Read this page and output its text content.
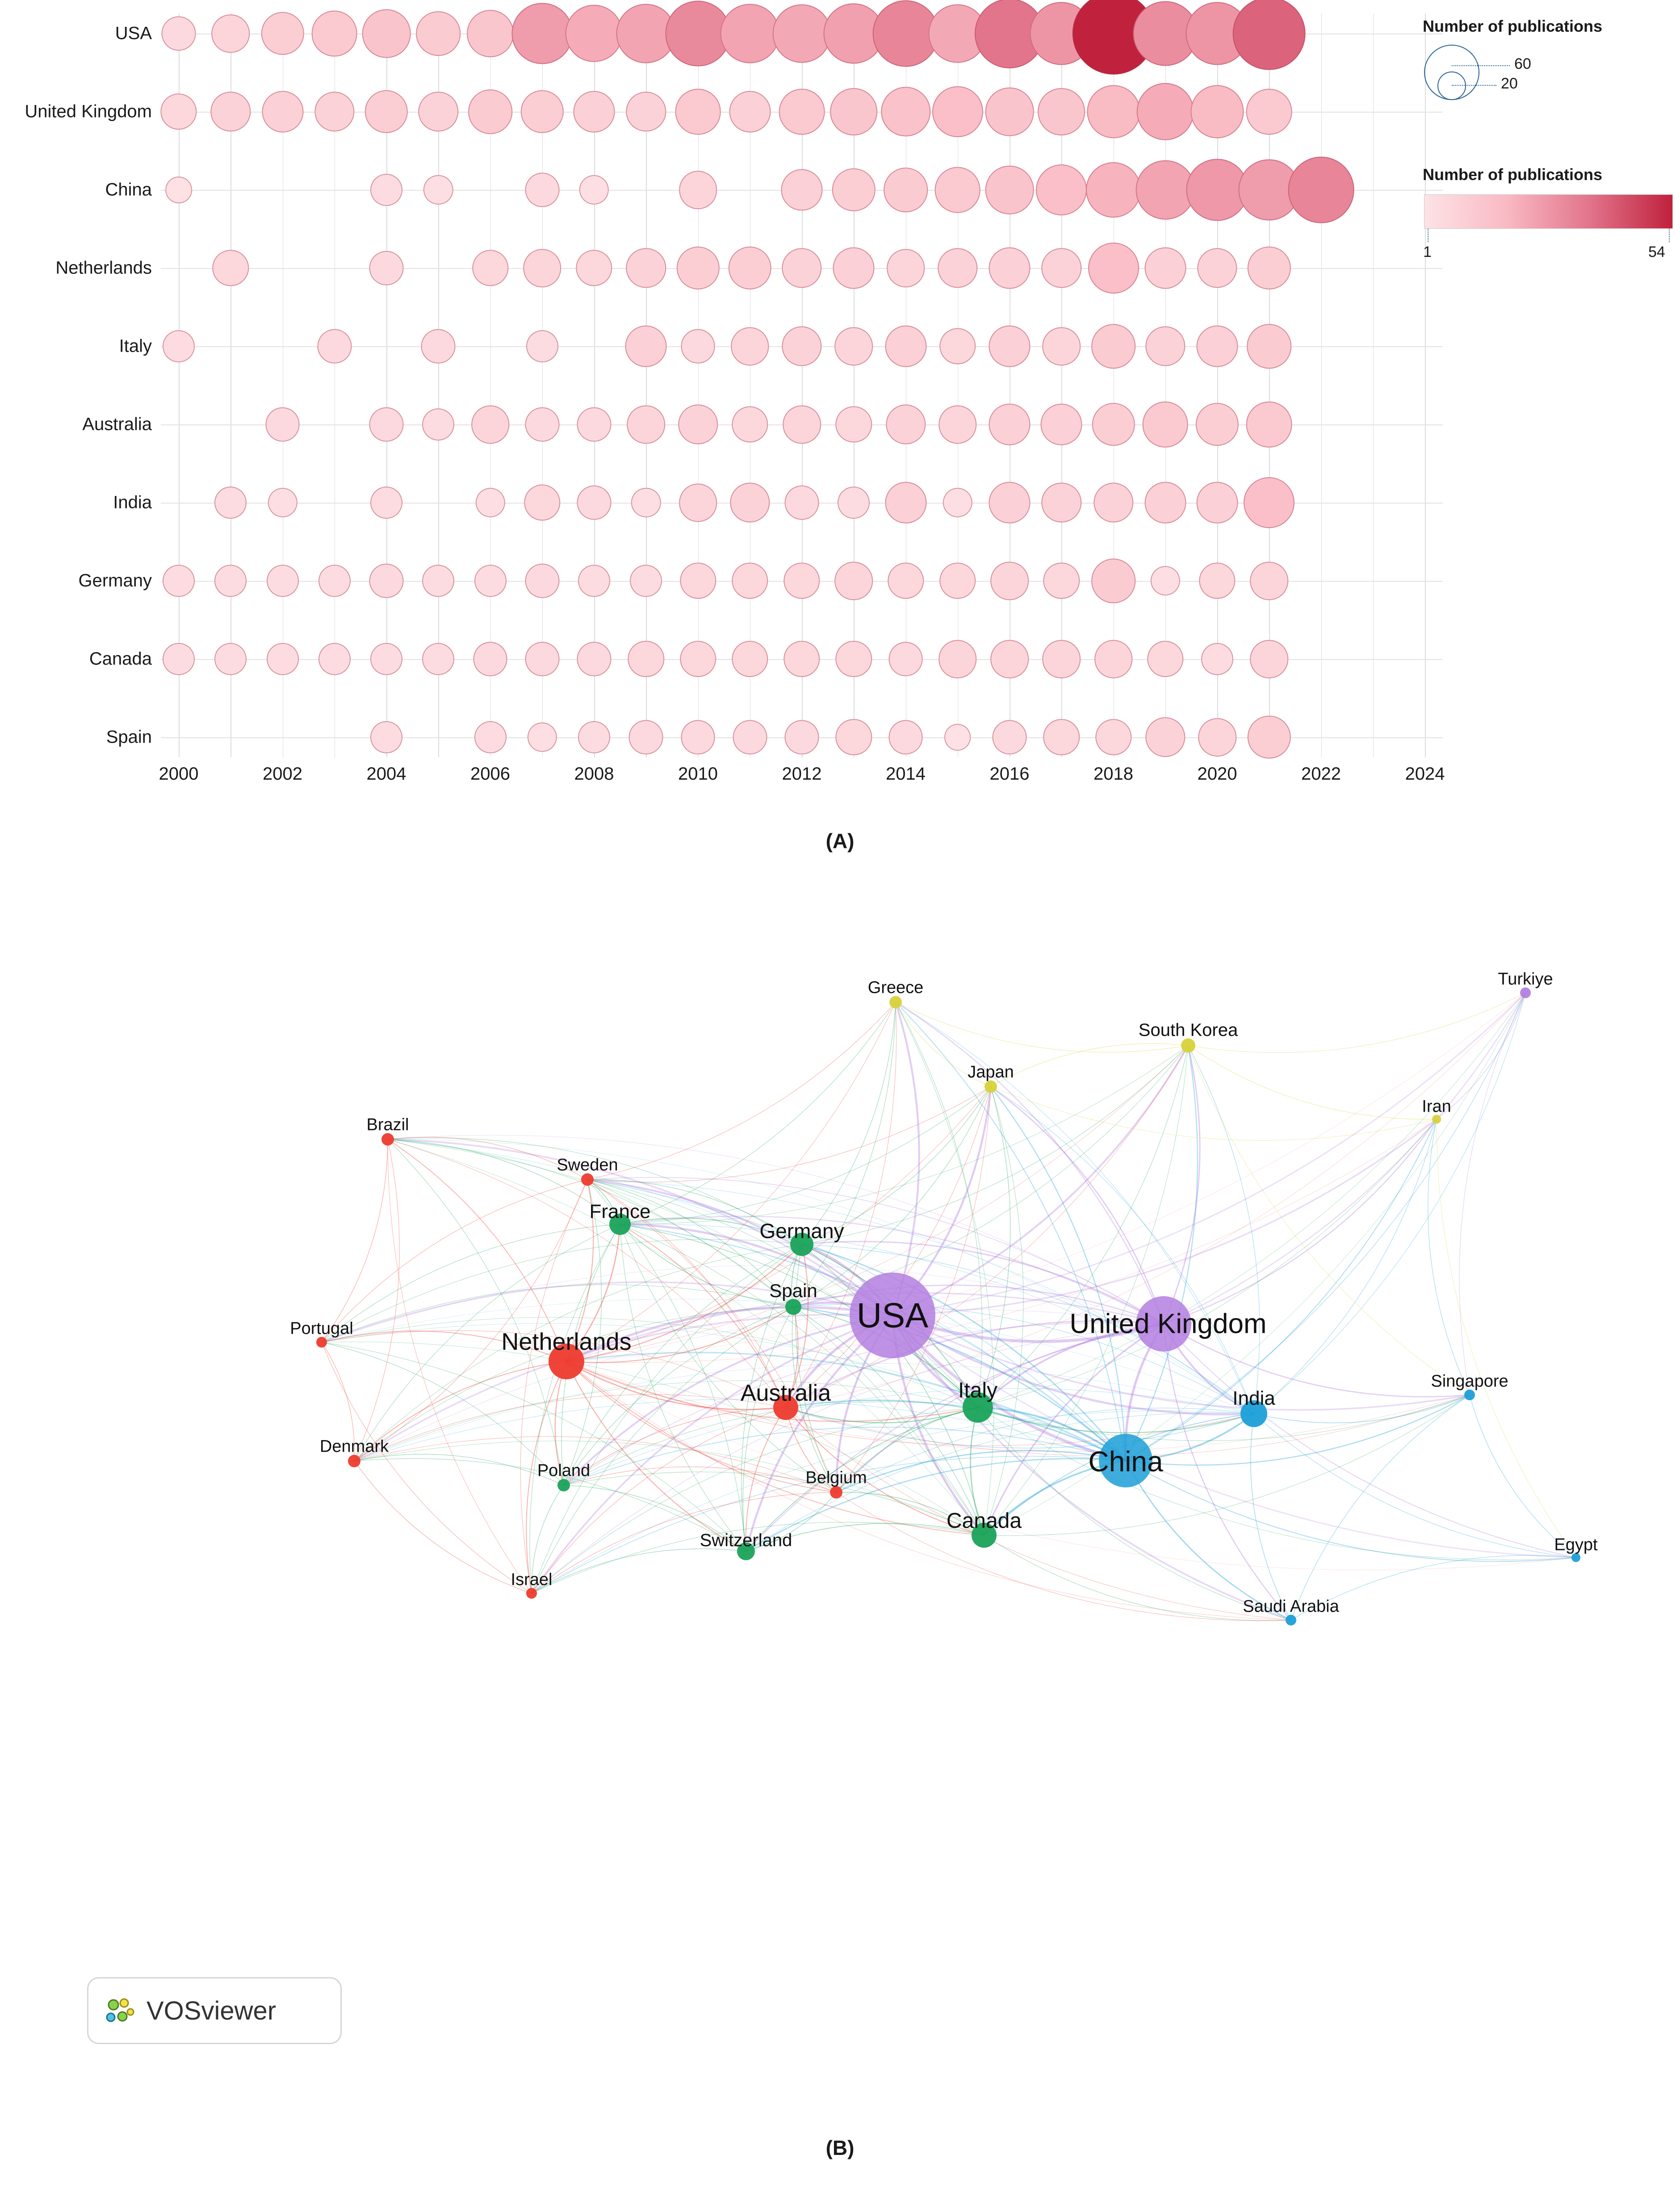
USA
United Kingdom
China
Netherlands
Italy
Australia
India
Germany
Canada
Spain
2000	2002	2004	2006	2008	2010	2012	2014	2016	2018	2020	2022	2024
(A)
Number of publications
60
20
Number of publications
1	54
USA	United Kingdom
China
Netherlands
Australia	Italy	India
Canada
Germany
France
Spain
Switzerland
Belgium
Poland
Denmark
Sweden
Portugal
Brazil
Israel
Greece
South Korea
Japan
Iran
Turkiye
Singapore
Egypt
Saudi Arabia
VOSviewer
(B)
